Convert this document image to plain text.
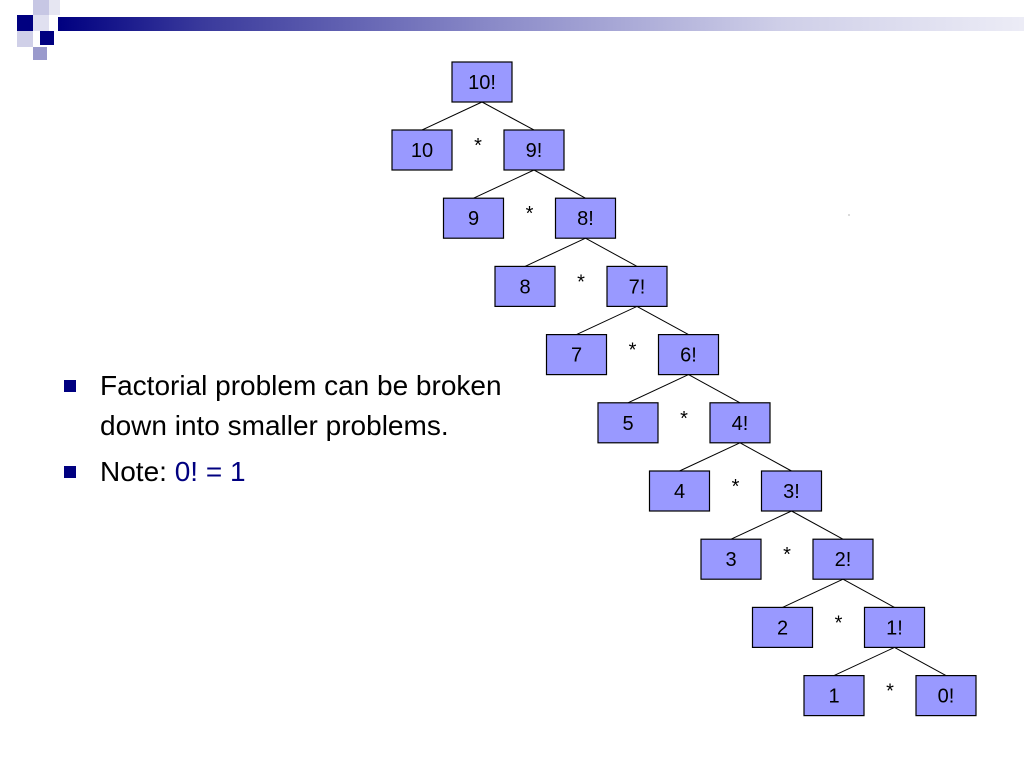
Factorial problem can be broken down into smaller problems.
Note: 0! = 1
10!
10	9!
*
9	8!
*
8	7!
*
7	6!
*
5	4!
*
4	3!
*
3	2!
*
2	1!
*
1	0!
*
